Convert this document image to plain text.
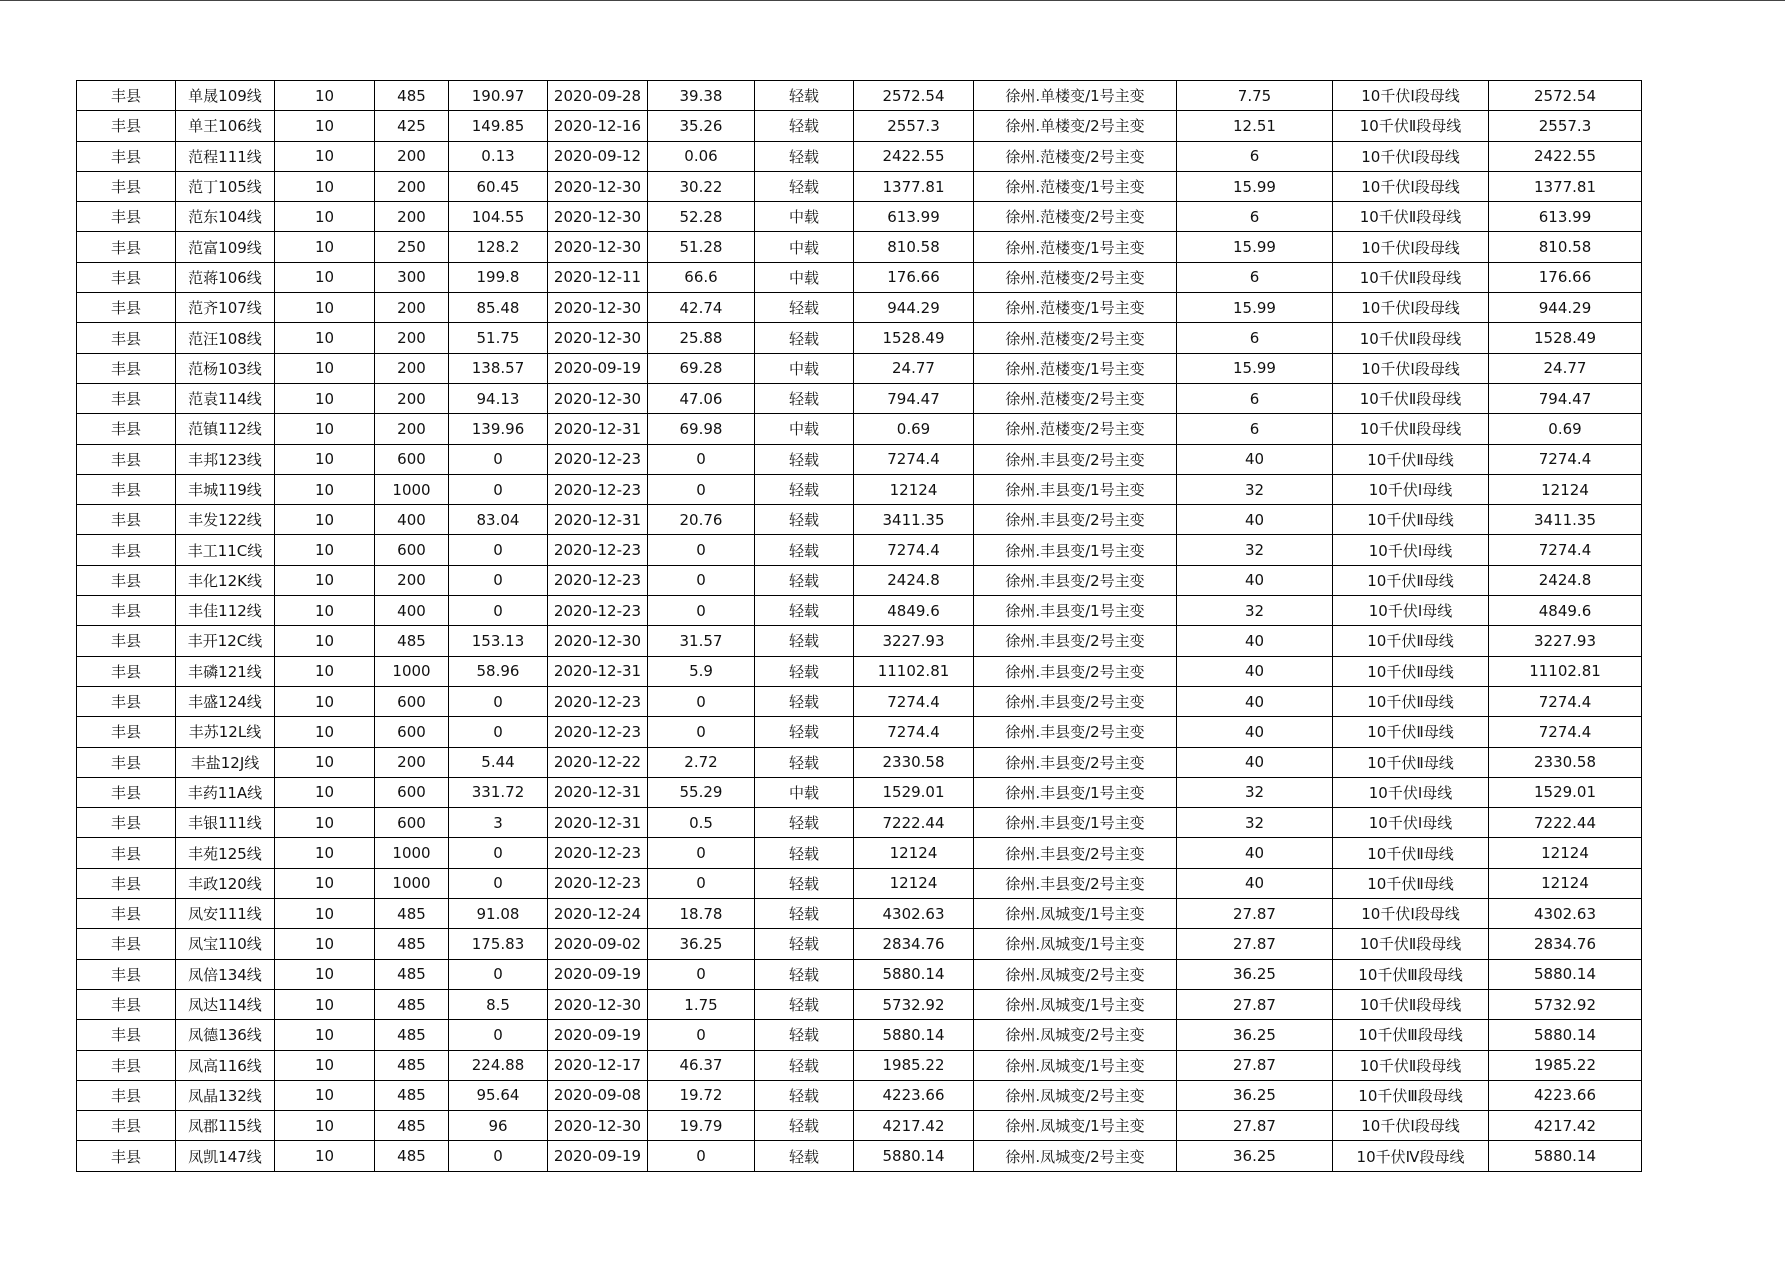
丰县	单晟109线	10	485	190.97	2020-09-28	39.38	轻载	2572.54	徐州.单楼变/1号主变	7.75	10千伏Ⅰ段母线	2572.54
丰县	单王106线	10	425	149.85	2020-12-16	35.26	轻载	2557.3	徐州.单楼变/2号主变	12.51	10千伏Ⅱ段母线	2557.3
丰县	范程111线	10	200	0.13	2020-09-12	0.06	轻载	2422.55	徐州.范楼变/2号主变	6	10千伏Ⅰ段母线	2422.55
丰县	范丁105线	10	200	60.45	2020-12-30	30.22	轻载	1377.81	徐州.范楼变/1号主变	15.99	10千伏Ⅰ段母线	1377.81
丰县	范东104线	10	200	104.55	2020-12-30	52.28	中载	613.99	徐州.范楼变/2号主变	6	10千伏Ⅱ段母线	613.99
丰县	范富109线	10	250	128.2	2020-12-30	51.28	中载	810.58	徐州.范楼变/1号主变	15.99	10千伏Ⅰ段母线	810.58
丰县	范蒋106线	10	300	199.8	2020-12-11	66.6	中载	176.66	徐州.范楼变/2号主变	6	10千伏Ⅱ段母线	176.66
丰县	范齐107线	10	200	85.48	2020-12-30	42.74	轻载	944.29	徐州.范楼变/1号主变	15.99	10千伏Ⅰ段母线	944.29
丰县	范汪108线	10	200	51.75	2020-12-30	25.88	轻载	1528.49	徐州.范楼变/2号主变	6	10千伏Ⅱ段母线	1528.49
丰县	范杨103线	10	200	138.57	2020-09-19	69.28	中载	24.77	徐州.范楼变/1号主变	15.99	10千伏Ⅰ段母线	24.77
丰县	范袁114线	10	200	94.13	2020-12-30	47.06	轻载	794.47	徐州.范楼变/2号主变	6	10千伏Ⅱ段母线	794.47
丰县	范镇112线	10	200	139.96	2020-12-31	69.98	中载	0.69	徐州.范楼变/2号主变	6	10千伏Ⅱ段母线	0.69
丰县	丰邦123线	10	600	0	2020-12-23	0	轻载	7274.4	徐州.丰县变/2号主变	40	10千伏Ⅱ母线	7274.4
丰县	丰城119线	10	1000	0	2020-12-23	0	轻载	12124	徐州.丰县变/1号主变	32	10千伏Ⅰ母线	12124
丰县	丰发122线	10	400	83.04	2020-12-31	20.76	轻载	3411.35	徐州.丰县变/2号主变	40	10千伏Ⅱ母线	3411.35
丰县	丰工11C线	10	600	0	2020-12-23	0	轻载	7274.4	徐州.丰县变/1号主变	32	10千伏Ⅰ母线	7274.4
丰县	丰化12K线	10	200	0	2020-12-23	0	轻载	2424.8	徐州.丰县变/2号主变	40	10千伏Ⅱ母线	2424.8
丰县	丰佳112线	10	400	0	2020-12-23	0	轻载	4849.6	徐州.丰县变/1号主变	32	10千伏Ⅰ母线	4849.6
丰县	丰开12C线	10	485	153.13	2020-12-30	31.57	轻载	3227.93	徐州.丰县变/2号主变	40	10千伏Ⅱ母线	3227.93
丰县	丰磷121线	10	1000	58.96	2020-12-31	5.9	轻载	11102.81	徐州.丰县变/2号主变	40	10千伏Ⅱ母线	11102.81
丰县	丰盛124线	10	600	0	2020-12-23	0	轻载	7274.4	徐州.丰县变/2号主变	40	10千伏Ⅱ母线	7274.4
丰县	丰苏12L线	10	600	0	2020-12-23	0	轻载	7274.4	徐州.丰县变/2号主变	40	10千伏Ⅱ母线	7274.4
丰县	丰盐12J线	10	200	5.44	2020-12-22	2.72	轻载	2330.58	徐州.丰县变/2号主变	40	10千伏Ⅱ母线	2330.58
丰县	丰药11A线	10	600	331.72	2020-12-31	55.29	中载	1529.01	徐州.丰县变/1号主变	32	10千伏Ⅰ母线	1529.01
丰县	丰银111线	10	600	3	2020-12-31	0.5	轻载	7222.44	徐州.丰县变/1号主变	32	10千伏Ⅰ母线	7222.44
丰县	丰苑125线	10	1000	0	2020-12-23	0	轻载	12124	徐州.丰县变/2号主变	40	10千伏Ⅱ母线	12124
丰县	丰政120线	10	1000	0	2020-12-23	0	轻载	12124	徐州.丰县变/2号主变	40	10千伏Ⅱ母线	12124
丰县	凤安111线	10	485	91.08	2020-12-24	18.78	轻载	4302.63	徐州.凤城变/1号主变	27.87	10千伏Ⅰ段母线	4302.63
丰县	凤宝110线	10	485	175.83	2020-09-02	36.25	轻载	2834.76	徐州.凤城变/1号主变	27.87	10千伏Ⅱ段母线	2834.76
丰县	凤倍134线	10	485	0	2020-09-19	0	轻载	5880.14	徐州.凤城变/2号主变	36.25	10千伏Ⅲ段母线	5880.14
丰县	凤达114线	10	485	8.5	2020-12-30	1.75	轻载	5732.92	徐州.凤城变/1号主变	27.87	10千伏Ⅱ段母线	5732.92
丰县	凤德136线	10	485	0	2020-09-19	0	轻载	5880.14	徐州.凤城变/2号主变	36.25	10千伏Ⅲ段母线	5880.14
丰县	凤高116线	10	485	224.88	2020-12-17	46.37	轻载	1985.22	徐州.凤城变/1号主变	27.87	10千伏Ⅱ段母线	1985.22
丰县	凤晶132线	10	485	95.64	2020-09-08	19.72	轻载	4223.66	徐州.凤城变/2号主变	36.25	10千伏Ⅲ段母线	4223.66
丰县	凤郡115线	10	485	96	2020-12-30	19.79	轻载	4217.42	徐州.凤城变/1号主变	27.87	10千伏Ⅰ段母线	4217.42
丰县	凤凯147线	10	485	0	2020-09-19	0	轻载	5880.14	徐州.凤城变/2号主变	36.25	10千伏Ⅳ段母线	5880.14
